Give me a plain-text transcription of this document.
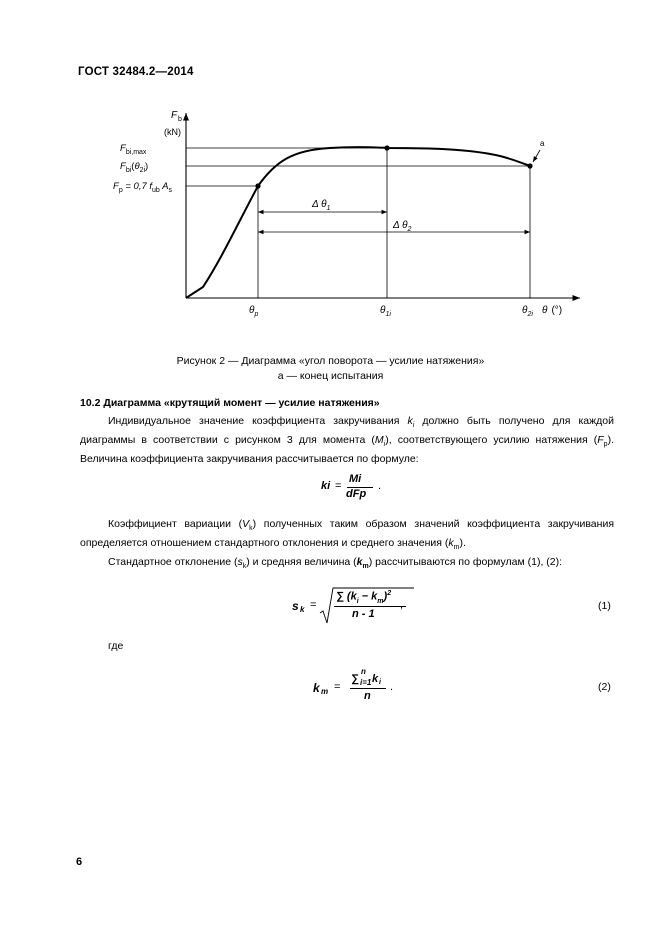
ГОСТ 32484.2—2014
a
F b
(kN)
$F_{bi,max}$
$F_{bi}(\theta_{2i})$
$F_p = 0,7$ $f_{ub}$ $A_s$
Δ $\theta_1$
Δ $\theta_2$
$\theta_p$	$\theta_{1i}$	$\theta_{2i}$ θ (°)
Рисунок 2 — Диаграмма «угол поворота — усилие натяжения»
а — конец испытания
10.2 Диаграмма «крутящий момент — усилие натяжения»

Индивидуальное значение коэффициента закручивания $k_i$ должно быть получено для каждой диаграммы в соответствии с рисунком 3 для момента $(M_i)$, соответствующего усилию натяжения $(F_p)$. Величина коэффициента закручивания рассчитывается по формуле:

ki =
Mi
dFp
.

Коэффициент вариации $(V_k)$ полученных таким образом значений коэффициента закручивания определяется отношением стандартного отклонения и среднего значения $(k_m)$.

Стандартное отклонение $(s_k)$ и средняя величина $(k_m)$ рассчитываются по формулам (1), (2):

s k =
∑ $(k_i - k_m)^2$
n - 1
,	(1)
где
k m =
∑
n
i=1 k i
n
.	(2)
6
